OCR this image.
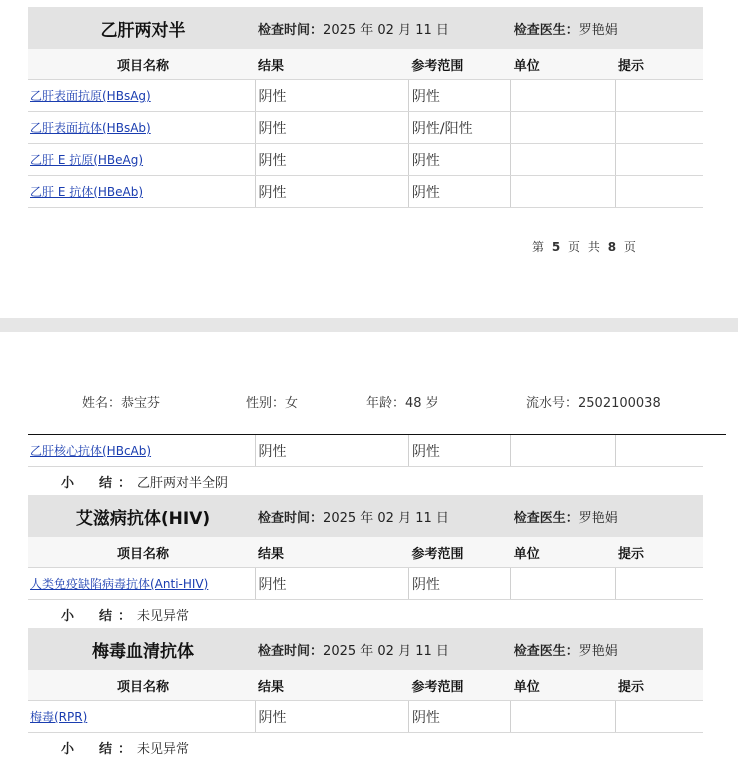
乙肝两对半	检查时间：2025 年 02 月 11 日		检查医生：罗艳娟	
项目名称	结果	参考范围	单位	提示
乙肝表面抗原(HBsAg)	阴性	阴性		
乙肝表面抗体(HBsAb)	阴性	阴性/阳性		
乙肝 E 抗原(HBeAg)	阴性	阴性		
乙肝 E 抗体(HBeAb)	阴性	阴性		
第 5 页 共 8 页
姓名：恭宝芬	性别：女	年龄：48 岁	流水号：2502100038
乙肝核心抗体(HBcAb)	阴性	阴性		
小　结：乙肝两对半全阴				
艾滋病抗体(HIV)	检查时间：2025 年 02 月 11 日		检查医生：罗艳娟	
项目名称	结果	参考范围	单位	提示
人类免疫缺陷病毒抗体(Anti-HIV)	阴性	阴性		
小　结：未见异常				
梅毒血清抗体	检查时间：2025 年 02 月 11 日		检查医生：罗艳娟	
项目名称	结果	参考范围	单位	提示
梅毒(RPR)	阴性	阴性		
小　结：未见异常				
